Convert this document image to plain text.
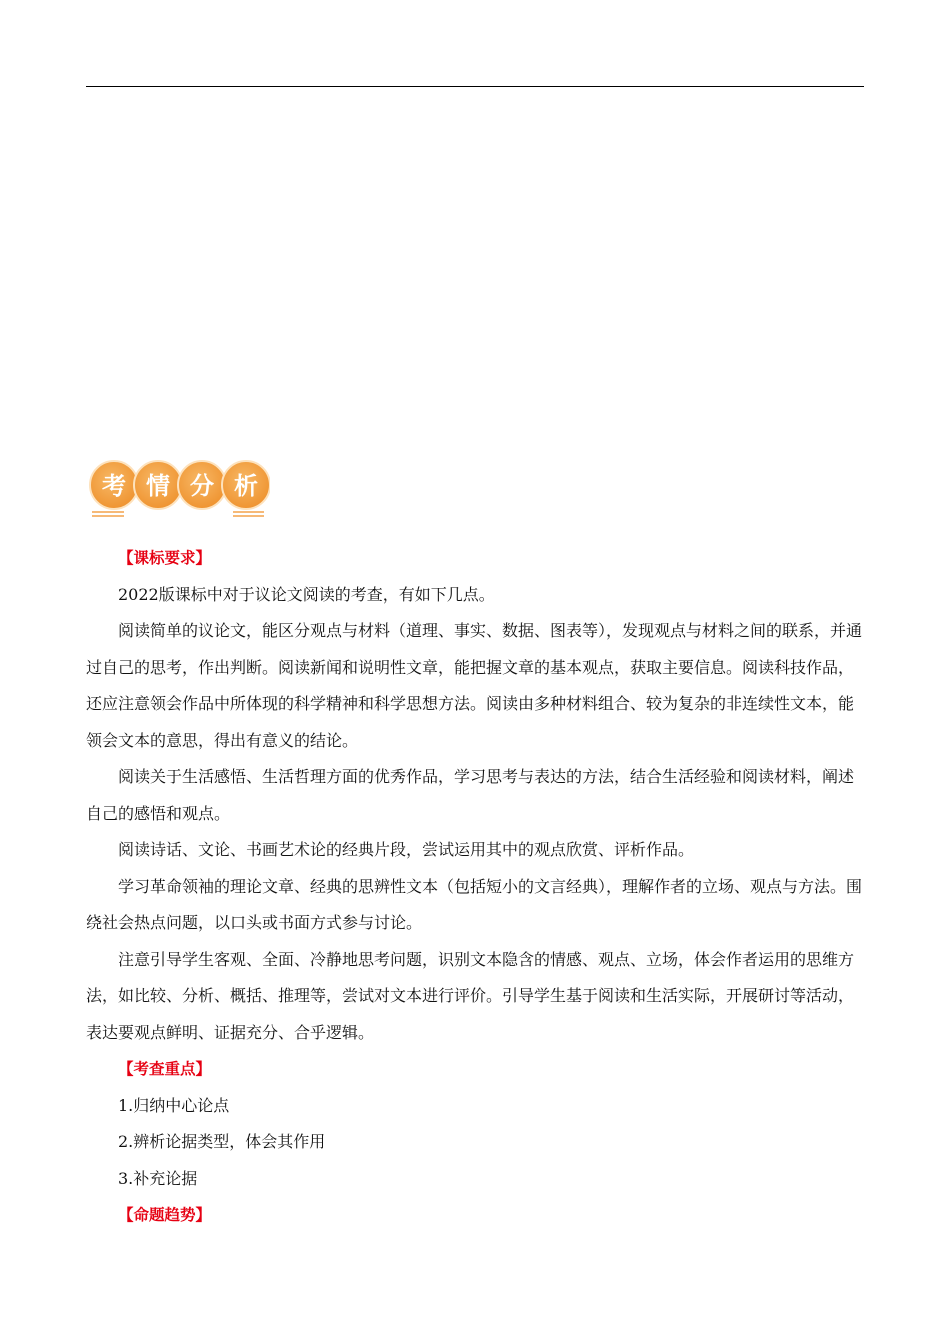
考 情 分 析

【课标要求】

2022版课标中对于议论文阅读的考查，有如下几点。

阅读简单的议论文，能区分观点与材料（道理、事实、数据、图表等），发现观点与材料之间的联系，并通过自己的思考，作出判断。阅读新闻和说明性文章，能把握文章的基本观点，获取主要信息。阅读科技作品，还应注意领会作品中所体现的科学精神和科学思想方法。阅读由多种材料组合、较为复杂的非连续性文本，能领会文本的意思，得出有意义的结论。

阅读关于生活感悟、生活哲理方面的优秀作品，学习思考与表达的方法，结合生活经验和阅读材料，阐述自己的感悟和观点。

阅读诗话、文论、书画艺术论的经典片段，尝试运用其中的观点欣赏、评析作品。

学习革命领袖的理论文章、经典的思辨性文本（包括短小的文言经典），理解作者的立场、观点与方法。围绕社会热点问题，以口头或书面方式参与讨论。

注意引导学生客观、全面、冷静地思考问题，识别文本隐含的情感、观点、立场，体会作者运用的思维方法，如比较、分析、概括、推理等，尝试对文本进行评价。引导学生基于阅读和生活实际，开展研讨等活动，表达要观点鲜明、证据充分、合乎逻辑。

【考查重点】

1.归纳中心论点

2.辨析论据类型，体会其作用

3.补充论据

【命题趋势】
